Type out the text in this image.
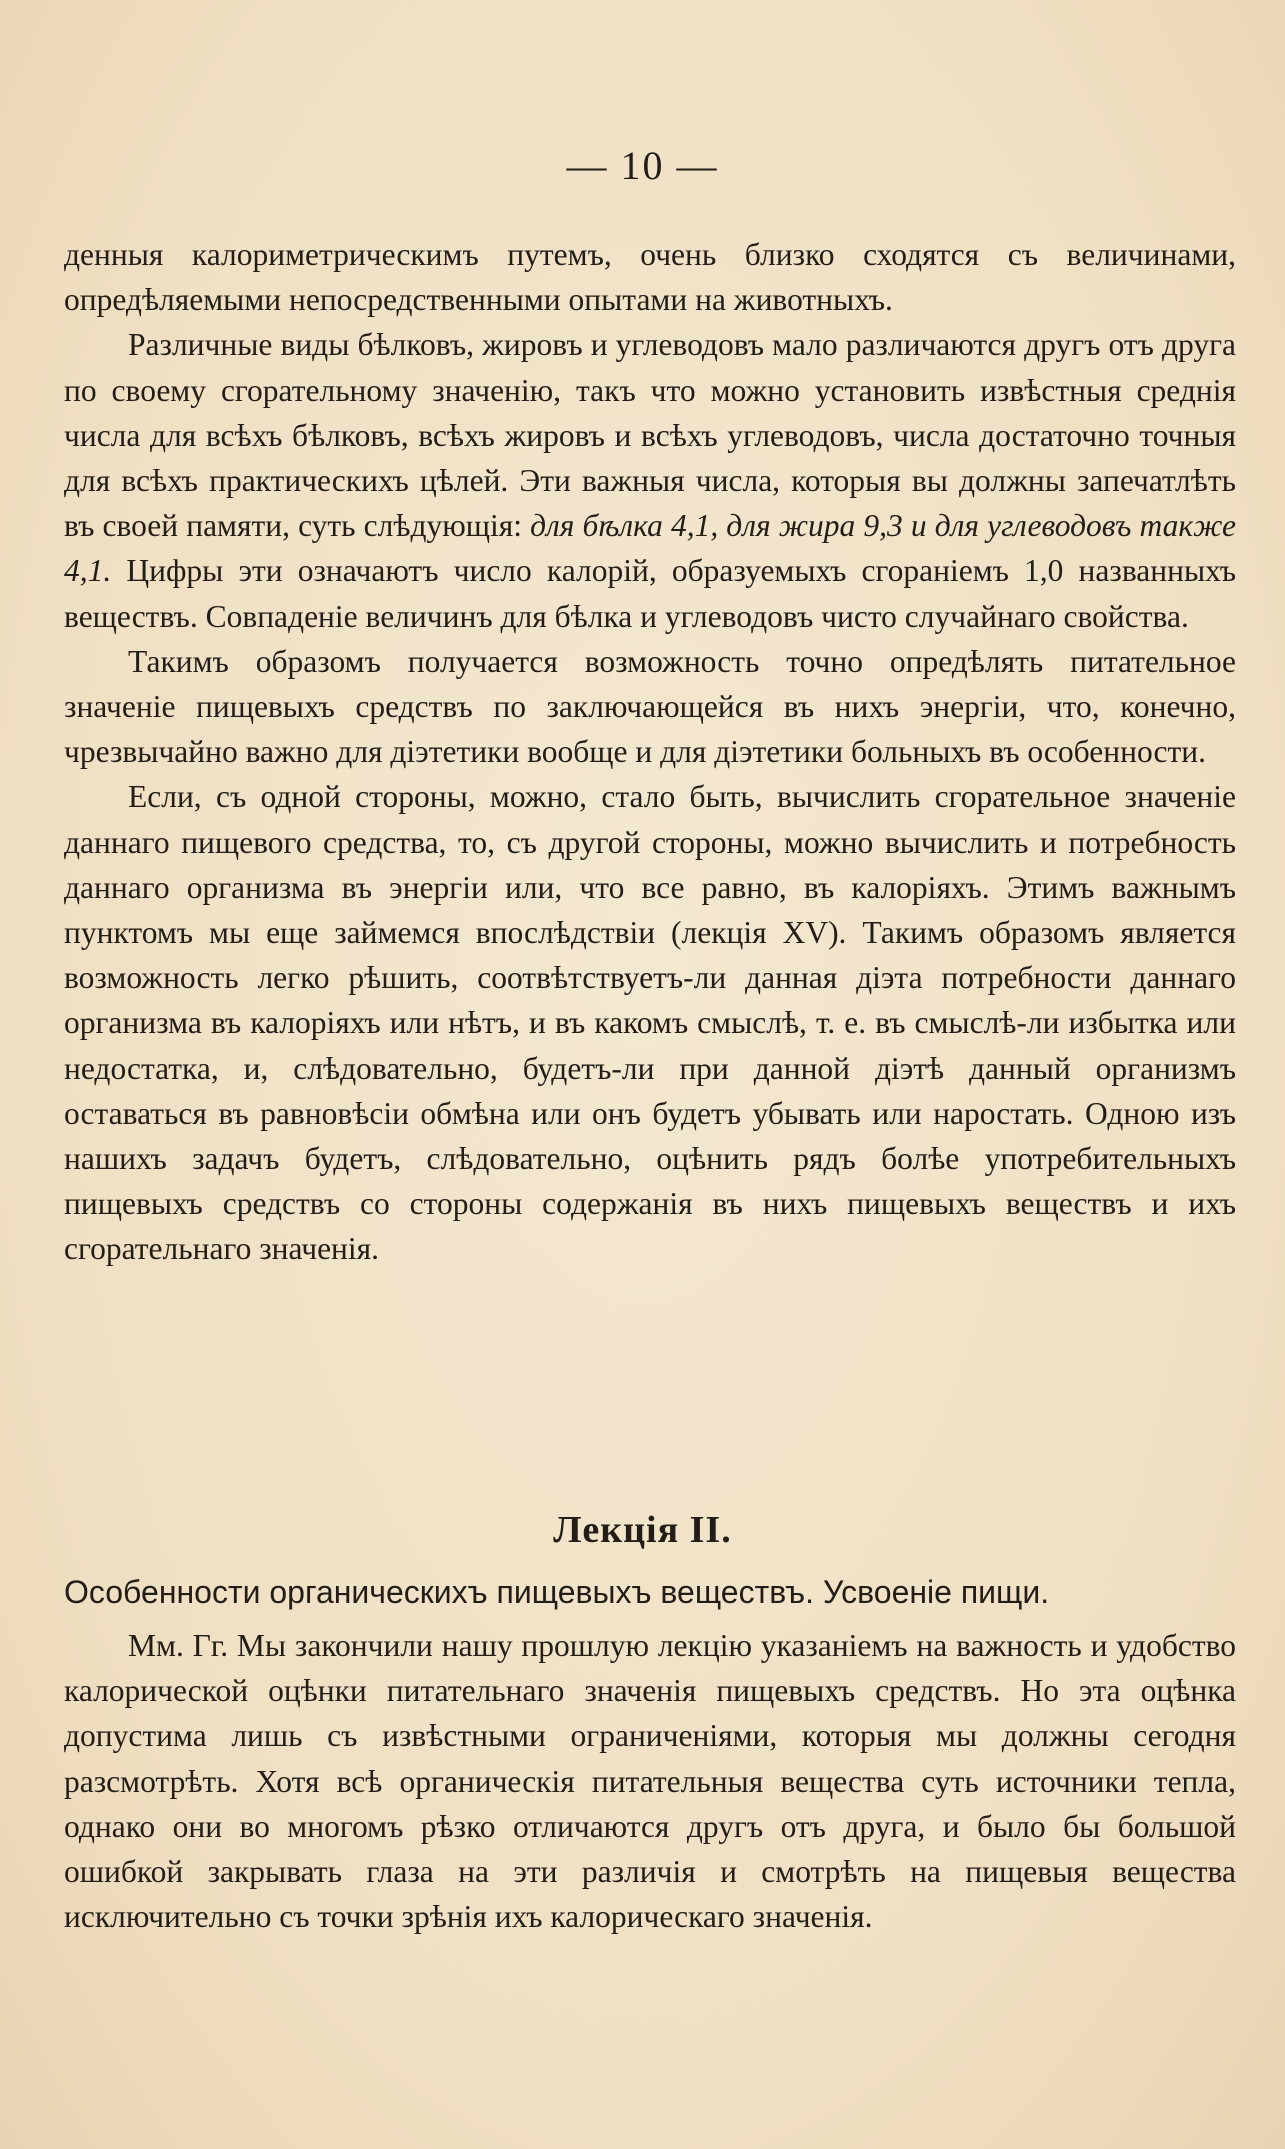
— 10 —

денныя калориметрическимъ путемъ, очень близко сходятся съ величинами, опредѣляемыми непосредственными опытами на животныхъ.

Различные виды бѣлковъ, жировъ и углеводовъ мало различаются другъ отъ друга по своему сгорательному значенію, такъ что можно установить извѣстныя среднія числа для всѣхъ бѣлковъ, всѣхъ жировъ и всѣхъ углеводовъ, числа достаточно точныя для всѣхъ практическихъ цѣлей. Эти важныя числа, которыя вы должны запечатлѣть въ своей памяти, суть слѣдующія: для бѣлка 4,1, для жира 9,3 и для углеводовъ также 4,1. Цифры эти означаютъ число калорій, образуемыхъ сгораніемъ 1,0 названныхъ веществъ. Совпаденіе величинъ для бѣлка и углеводовъ чисто случайнаго свойства.

Такимъ образомъ получается возможность точно опредѣлять питательное значеніе пищевыхъ средствъ по заключающейся въ нихъ энергіи, что, конечно, чрезвычайно важно для діэтетики вообще и для діэтетики больныхъ въ особенности.

Если, съ одной стороны, можно, стало быть, вычислить сгорательное значеніе даннаго пищевого средства, то, съ другой стороны, можно вычислить и потребность даннаго организма въ энергіи или, что все равно, въ калоріяхъ. Этимъ важнымъ пунктомъ мы еще займемся впослѣдствіи (лекція XV). Такимъ образомъ является возможность легко рѣшить, соотвѣтствуетъ-ли данная діэта потребности даннаго организма въ калоріяхъ или нѣтъ, и въ какомъ смыслѣ, т. е. въ смыслѣ-ли избытка или недостатка, и, слѣдовательно, будетъ-ли при данной діэтѣ данный организмъ оставаться въ равновѣсіи обмѣна или онъ будетъ убывать или наростать. Одною изъ нашихъ задачъ будетъ, слѣдовательно, оцѣнить рядъ болѣе употребительныхъ пищевыхъ средствъ со стороны содержанія въ нихъ пищевыхъ веществъ и ихъ сгорательнаго значенія.

Лекція II.
Особенности органическихъ пищевыхъ веществъ. Усвоеніе пищи.

Мм. Гг. Мы закончили нашу прошлую лекцію указаніемъ на важность и удобство калорической оцѣнки питательнаго значенія пищевыхъ средствъ. Но эта оцѣнка допустима лишь съ извѣстными ограниченіями, которыя мы должны сегодня разсмотрѣть. Хотя всѣ органическія питательныя вещества суть источники тепла, однако они во многомъ рѣзко отличаются другъ отъ друга, и было бы большой ошибкой закрывать глаза на эти различія и смотрѣть на пищевыя вещества исключительно съ точки зрѣнія ихъ калорическаго значенія.
